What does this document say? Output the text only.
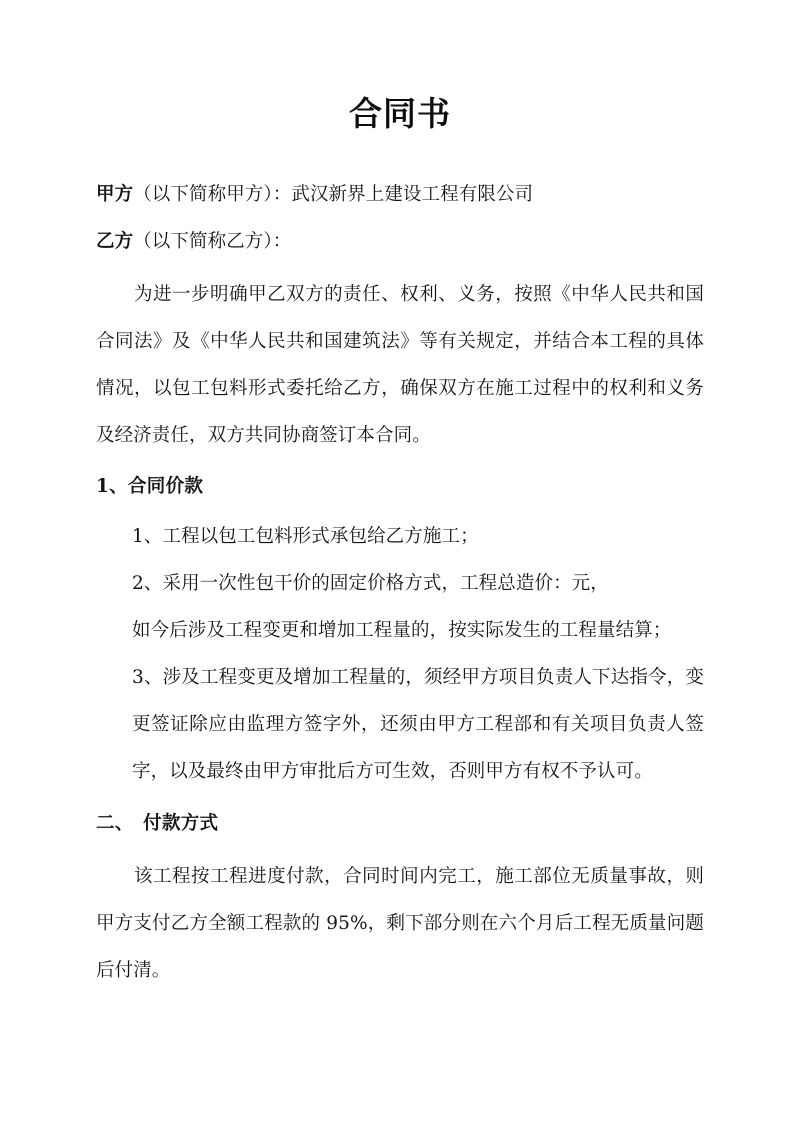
合同书

甲方（以下简称甲方）：武汉新界上建设工程有限公司

乙方（以下简称乙方）：

为进一步明确甲乙双方的责任、权利、义务，按照《中华人民共和国合同法》及《中华人民共和国建筑法》等有关规定，并结合本工程的具体情况，以包工包料形式委托给乙方，确保双方在施工过程中的权利和义务及经济责任，双方共同协商签订本合同。

1、合同价款

1、工程以包工包料形式承包给乙方施工；

2、采用一次性包干价的固定价格方式，工程总造价：元，

如今后涉及工程变更和增加工程量的，按实际发生的工程量结算；

3、涉及工程变更及增加工程量的，须经甲方项目负责人下达指令，变更签证除应由监理方签字外，还须由甲方工程部和有关项目负责人签字，以及最终由甲方审批后方可生效，否则甲方有权不予认可。

二、　付款方式

该工程按工程进度付款，合同时间内完工，施工部位无质量事故，则甲方支付乙方全额工程款的 95%，剩下部分则在六个月后工程无质量问题后付清。
